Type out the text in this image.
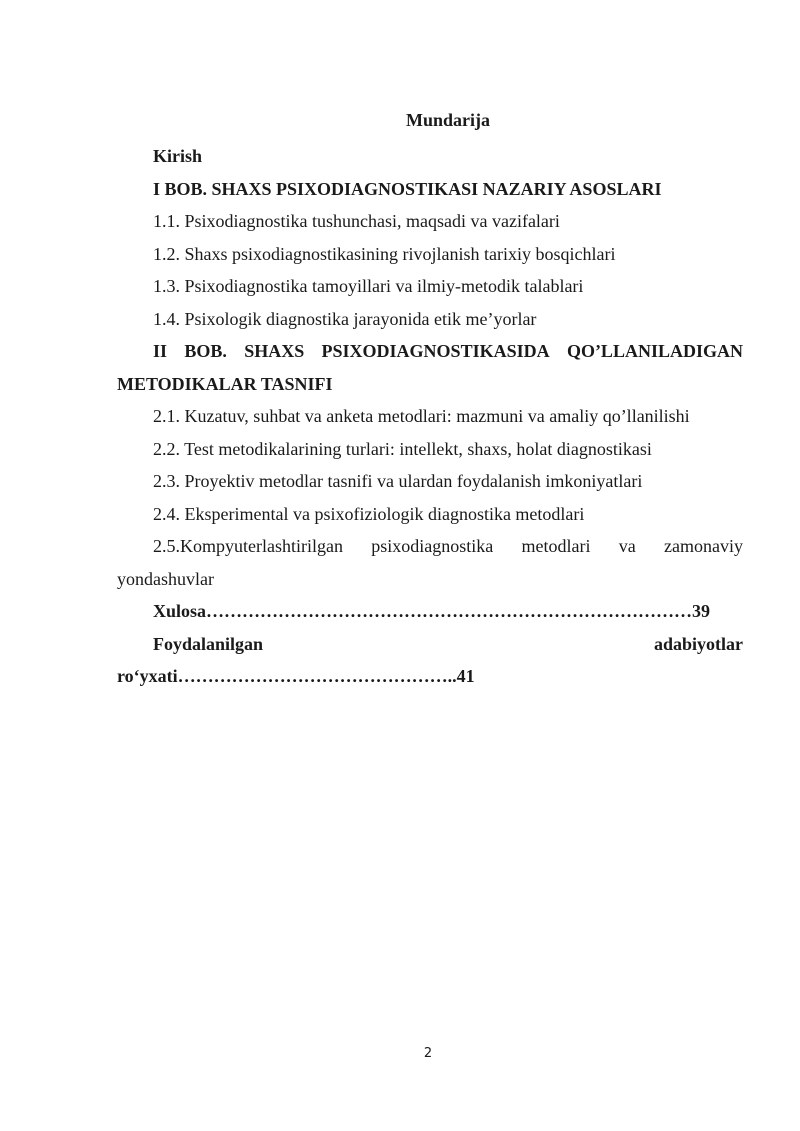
Mundarija
Kirish
I BOB. SHAXS PSIXODIAGNOSTIKASI NAZARIY ASOSLARI
1.1. Psixodiagnostika tushunchasi, maqsadi va vazifalari
1.2. Shaxs psixodiagnostikasining rivojlanish tarixiy bosqichlari
1.3. Psixodiagnostika tamoyillari va ilmiy-metodik talablari
1.4. Psixologik diagnostika jarayonida etik me’yorlar
II BOB. SHAXS PSIXODIAGNOSTIKASIDA QO’LLANILADIGAN
METODIKALAR TASNIFI
2.1. Kuzatuv, suhbat va anketa metodlari: mazmuni va amaliy qo’llanilishi
2.2. Test metodikalarining turlari: intellekt, shaxs, holat diagnostikasi
2.3. Proyektiv metodlar tasnifi va ulardan foydalanish imkoniyatlari
2.4. Eksperimental va psixofiziologik diagnostika metodlari
2.5.Kompyuterlashtirilgan psixodiagnostika metodlari va zamonaviy
yondashuvlar
Xulosa………………………………………………………………………39
Foydalanilgan	adabiyotlar
ro‘yxati………………………………………..41
2
